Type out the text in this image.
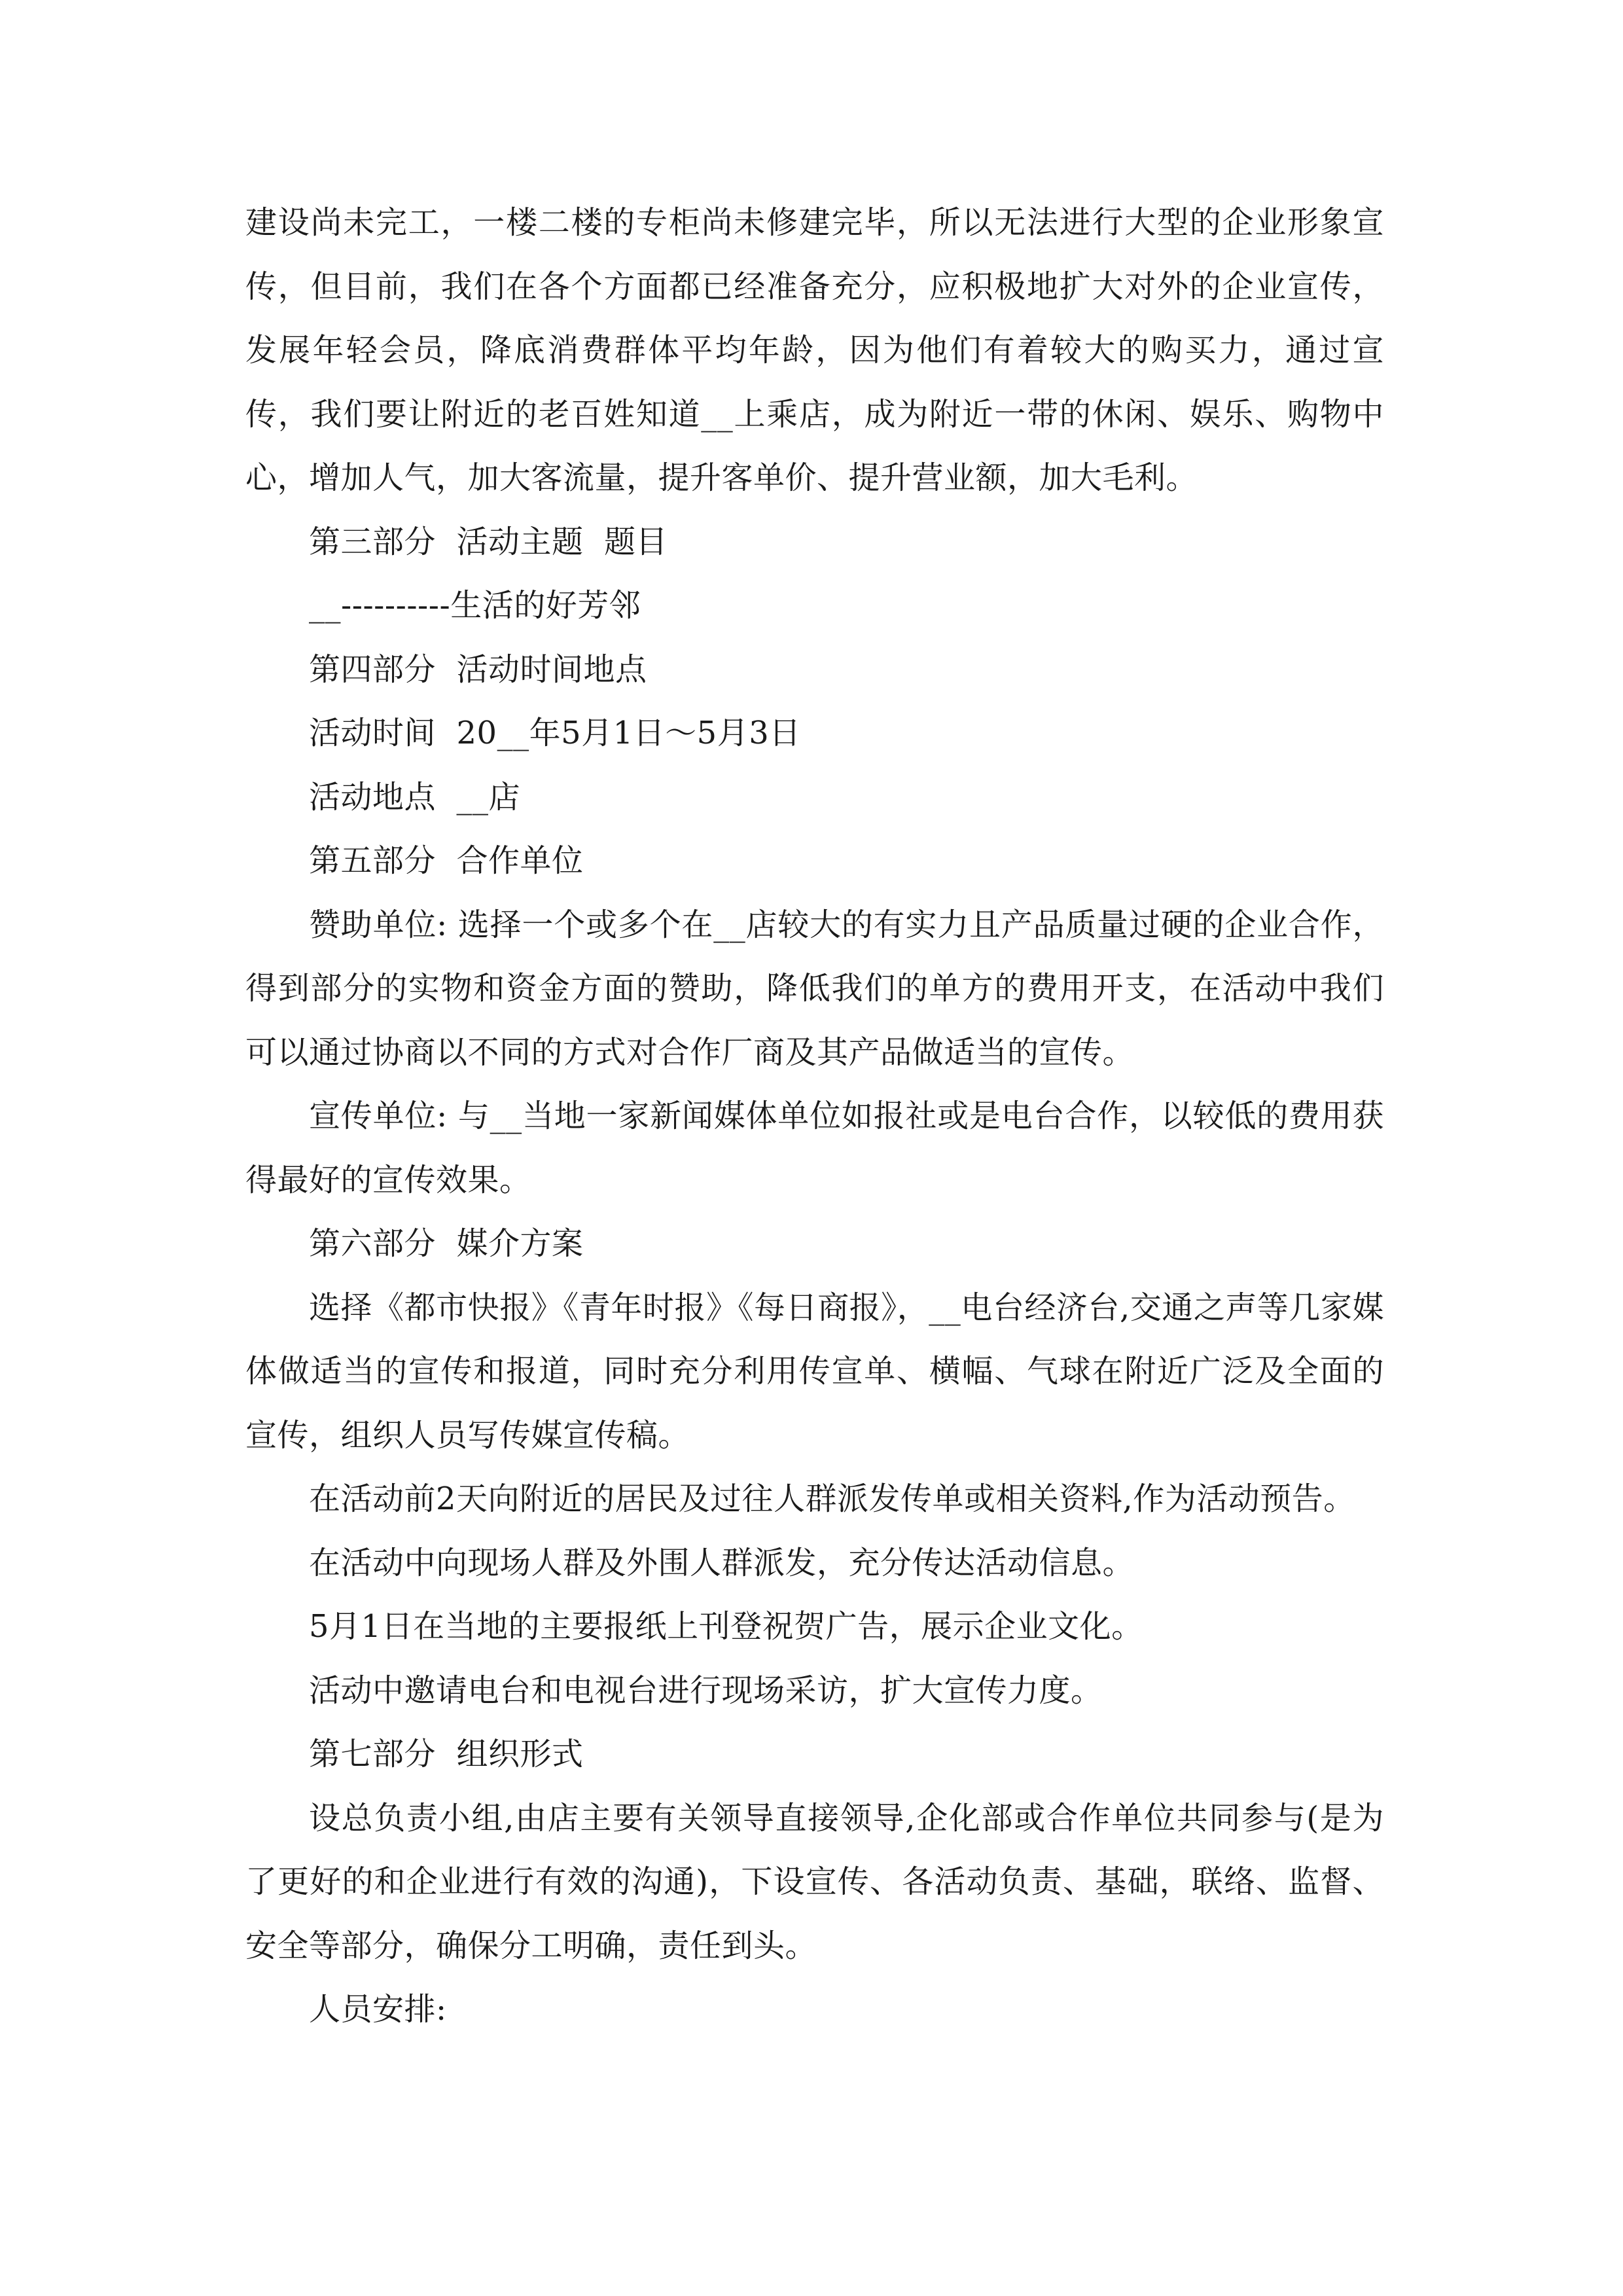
建设尚未完工，一楼二楼的专柜尚未修建完毕，所以无法进行大型的企业形象宣传，但目前，我们在各个方面都已经准备充分，应积极地扩大对外的企业宣传，发展年轻会员，降底消费群体平均年龄，因为他们有着较大的购买力，通过宣传，我们要让附近的老百姓知道__上乘店，成为附近一带的休闲、娱乐、购物中心，增加人气，加大客流量，提升客单价、提升营业额，加大毛利。

第三部分  活动主题  题目

__----------生活的好芳邻

第四部分  活动时间地点

活动时间  20__年5月1日～5月3日

活动地点  __店

第五部分  合作单位

赞助单位: 选择一个或多个在__店较大的有实力且产品质量过硬的企业合作，得到部分的实物和资金方面的赞助，降低我们的单方的费用开支，在活动中我们可以通过协商以不同的方式对合作厂商及其产品做适当的宣传。

宣传单位: 与__当地一家新闻媒体单位如报社或是电台合作，以较低的费用获得最好的宣传效果。

第六部分  媒介方案

选择《都市快报》《青年时报》《每日商报》，__电台经济台,交通之声等几家媒体做适当的宣传和报道，同时充分利用传宣单、横幅、气球在附近广泛及全面的宣传，组织人员写传媒宣传稿。

在活动前2天向附近的居民及过往人群派发传单或相关资料,作为活动预告。

在活动中向现场人群及外围人群派发，充分传达活动信息。

5月1日在当地的主要报纸上刊登祝贺广告，展示企业文化。

活动中邀请电台和电视台进行现场采访，扩大宣传力度。

第七部分  组织形式

设总负责小组,由店主要有关领导直接领导,企化部或合作单位共同参与(是为了更好的和企业进行有效的沟通)，下设宣传、各活动负责、基础，联络、监督、安全等部分，确保分工明确，责任到头。

人员安排:
